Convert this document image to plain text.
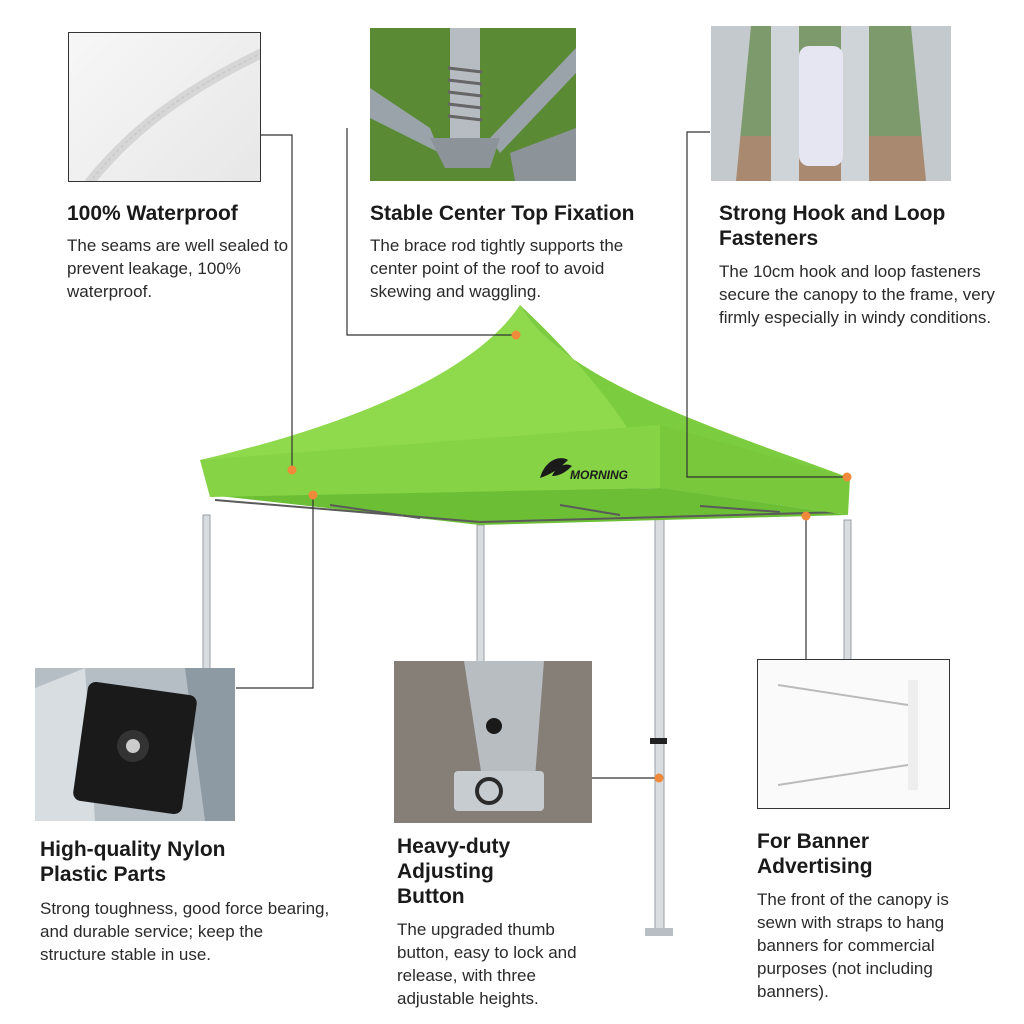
MORNING
100% Waterproof

The seams are well sealed to prevent leakage, 100% waterproof.

Stable Center Top Fixation

The brace rod tightly supports the center point of the roof to avoid skewing and waggling.

Strong Hook and Loop Fasteners

The 10cm hook and loop fasteners secure the canopy to the frame, very firmly especially in windy conditions.

High-quality Nylon Plastic Parts

Strong toughness, good force bearing, and durable service; keep the structure stable in use.

Heavy-duty Adjusting Button

The upgraded thumb button, easy to lock and release, with three adjustable heights.

For Banner Advertising

The front of the canopy is sewn with straps to hang banners for commercial purposes (not including banners).
